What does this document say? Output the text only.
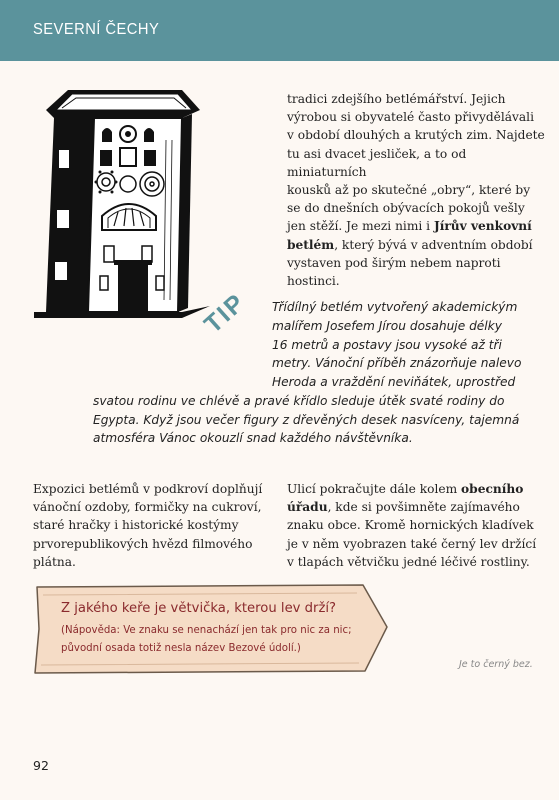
SEVERNÍ ČECHY
tradici zdejšího betlémářství. Jejich
výrobou si obyvatelé často přivydělávali
v období dlouhých a krutých zim. Najdete
tu asi dvacet jesliček, a to od miniaturních
kousků až po skutečné „obry“, které by
se do dnešních obývacích pokojů vešly
jen stěží. Je mezi nimi i Jírův venkovní
betlém, který bývá v adventním období
vystaven pod širým nebem naproti
hostinci.
TIP Třídílný betlém vytvořený akademickým
malířem Josefem Jírou dosahuje délky
16 metrů a postavy jsou vysoké až tři
metry. Vánoční příběh znázorňuje nalevo
Heroda a vraždění neviňátek, uprostřed
svatou rodinu ve chlévě a pravé křídlo sleduje útěk svaté rodiny do
Egypta. Když jsou večer figury z dřevěných desek nasvíceny, tajemná
atmosféra Vánoc okouzlí snad každého návštěvníka.
Expozici betlémů v podkroví doplňují
vánoční ozdoby, formičky na cukroví,
staré hračky i historické kostýmy
prvorepublikových hvězd filmového
plátna.
Ulicí pokračujte dále kolem obecního
úřadu, kde si povšimněte zajímavého
znaku obce. Kromě hornických kladívek
je v něm vyobrazen také černý lev držící
v tlapách větvičku jedné léčivé rostliny.
Z jakého keře je větvička, kterou lev drží?
(Nápověda: Ve znaku se nenachází jen tak pro nic za nic;
původní osada totiž nesla název Bezové údolí.)
Je to černý bez.
92
